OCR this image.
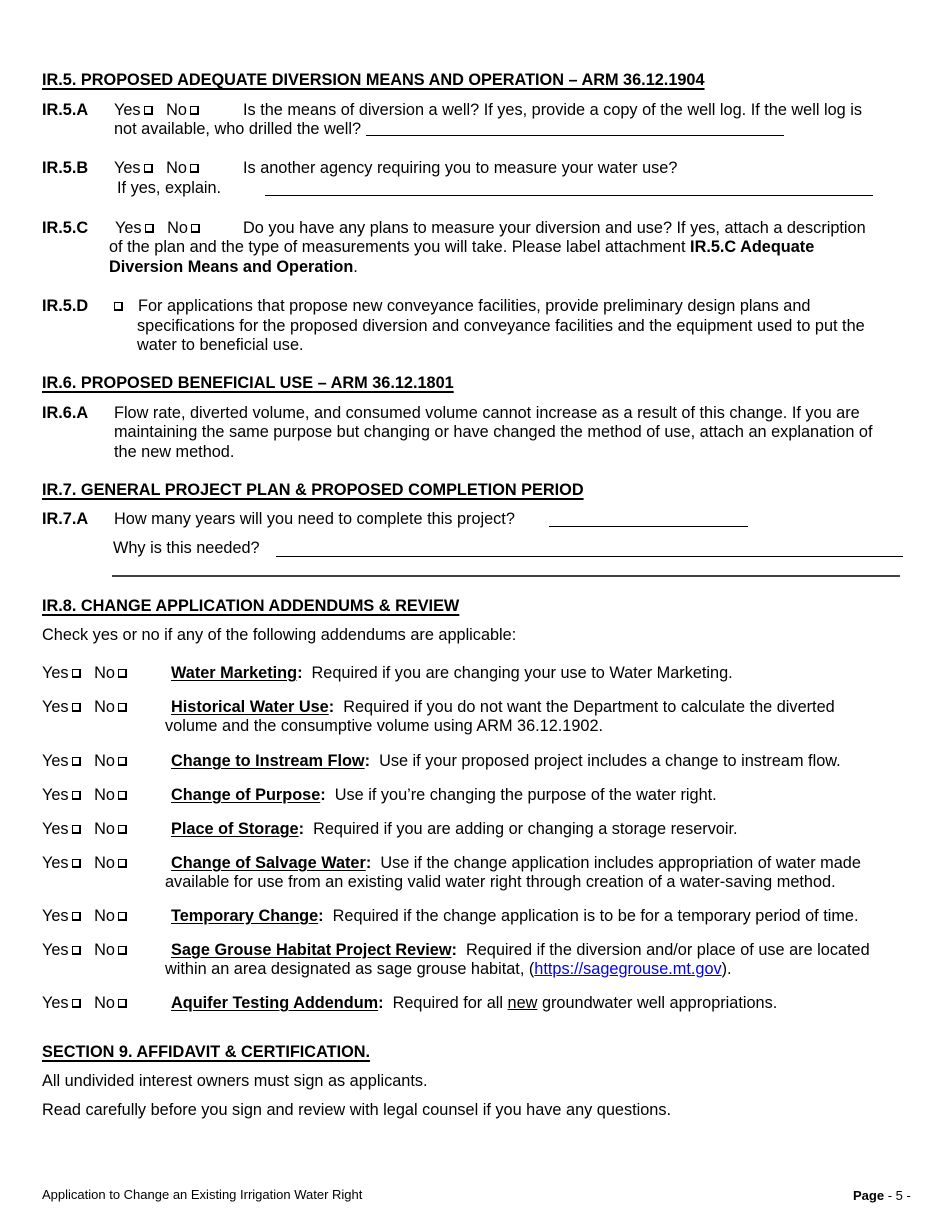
IR.5. PROPOSED ADEQUATE DIVERSION MEANS AND OPERATION – ARM 36.12.1904
IR.5.A Yes No	Is the means of diversion a well? If yes, provide a copy of the well log. If the well log is
not available, who drilled the well?
IR.5.B Yes No	Is another agency requiring you to measure your water use?
If yes, explain.
IR.5.C Yes No	Do you have any plans to measure your diversion and use? If yes, attach a description
of the plan and the type of measurements you will take. Please label attachment IR.5.C Adequate
Diversion Means and Operation.
IR.5.D	For applications that propose new conveyance facilities, provide preliminary design plans and
specifications for the proposed diversion and conveyance facilities and the equipment used to put the
water to beneficial use.
IR.6. PROPOSED BENEFICIAL USE – ARM 36.12.1801
IR.6.A Flow rate, diverted volume, and consumed volume cannot increase as a result of this change. If you are
maintaining the same purpose but changing or have changed the method of use, attach an explanation of
the new method.
IR.7. GENERAL PROJECT PLAN & PROPOSED COMPLETION PERIOD
IR.7.A How many years will you need to complete this project?
Why is this needed?
IR.8. CHANGE APPLICATION ADDENDUMS & REVIEW
Check yes or no if any of the following addendums are applicable:
Yes No	Water Marketing: Required if you are changing your use to Water Marketing.
Yes No	Historical Water Use: Required if you do not want the Department to calculate the diverted
volume and the consumptive volume using ARM 36.12.1902.
Yes No	Change to Instream Flow: Use if your proposed project includes a change to instream flow.
Yes No	Change of Purpose: Use if you’re changing the purpose of the water right.
Yes No	Place of Storage: Required if you are adding or changing a storage reservoir.
Yes No	Change of Salvage Water: Use if the change application includes appropriation of water made
available for use from an existing valid water right through creation of a water-saving method.
Yes No	Temporary Change: Required if the change application is to be for a temporary period of time.
Yes No	Sage Grouse Habitat Project Review: Required if the diversion and/or place of use are located
within an area designated as sage grouse habitat, (https://sagegrouse.mt.gov).
Yes No	Aquifer Testing Addendum: Required for all new groundwater well appropriations.
SECTION 9. AFFIDAVIT & CERTIFICATION.
All undivided interest owners must sign as applicants.
Read carefully before you sign and review with legal counsel if you have any questions.
Application to Change an Existing Irrigation Water Right	Page - 5 -
